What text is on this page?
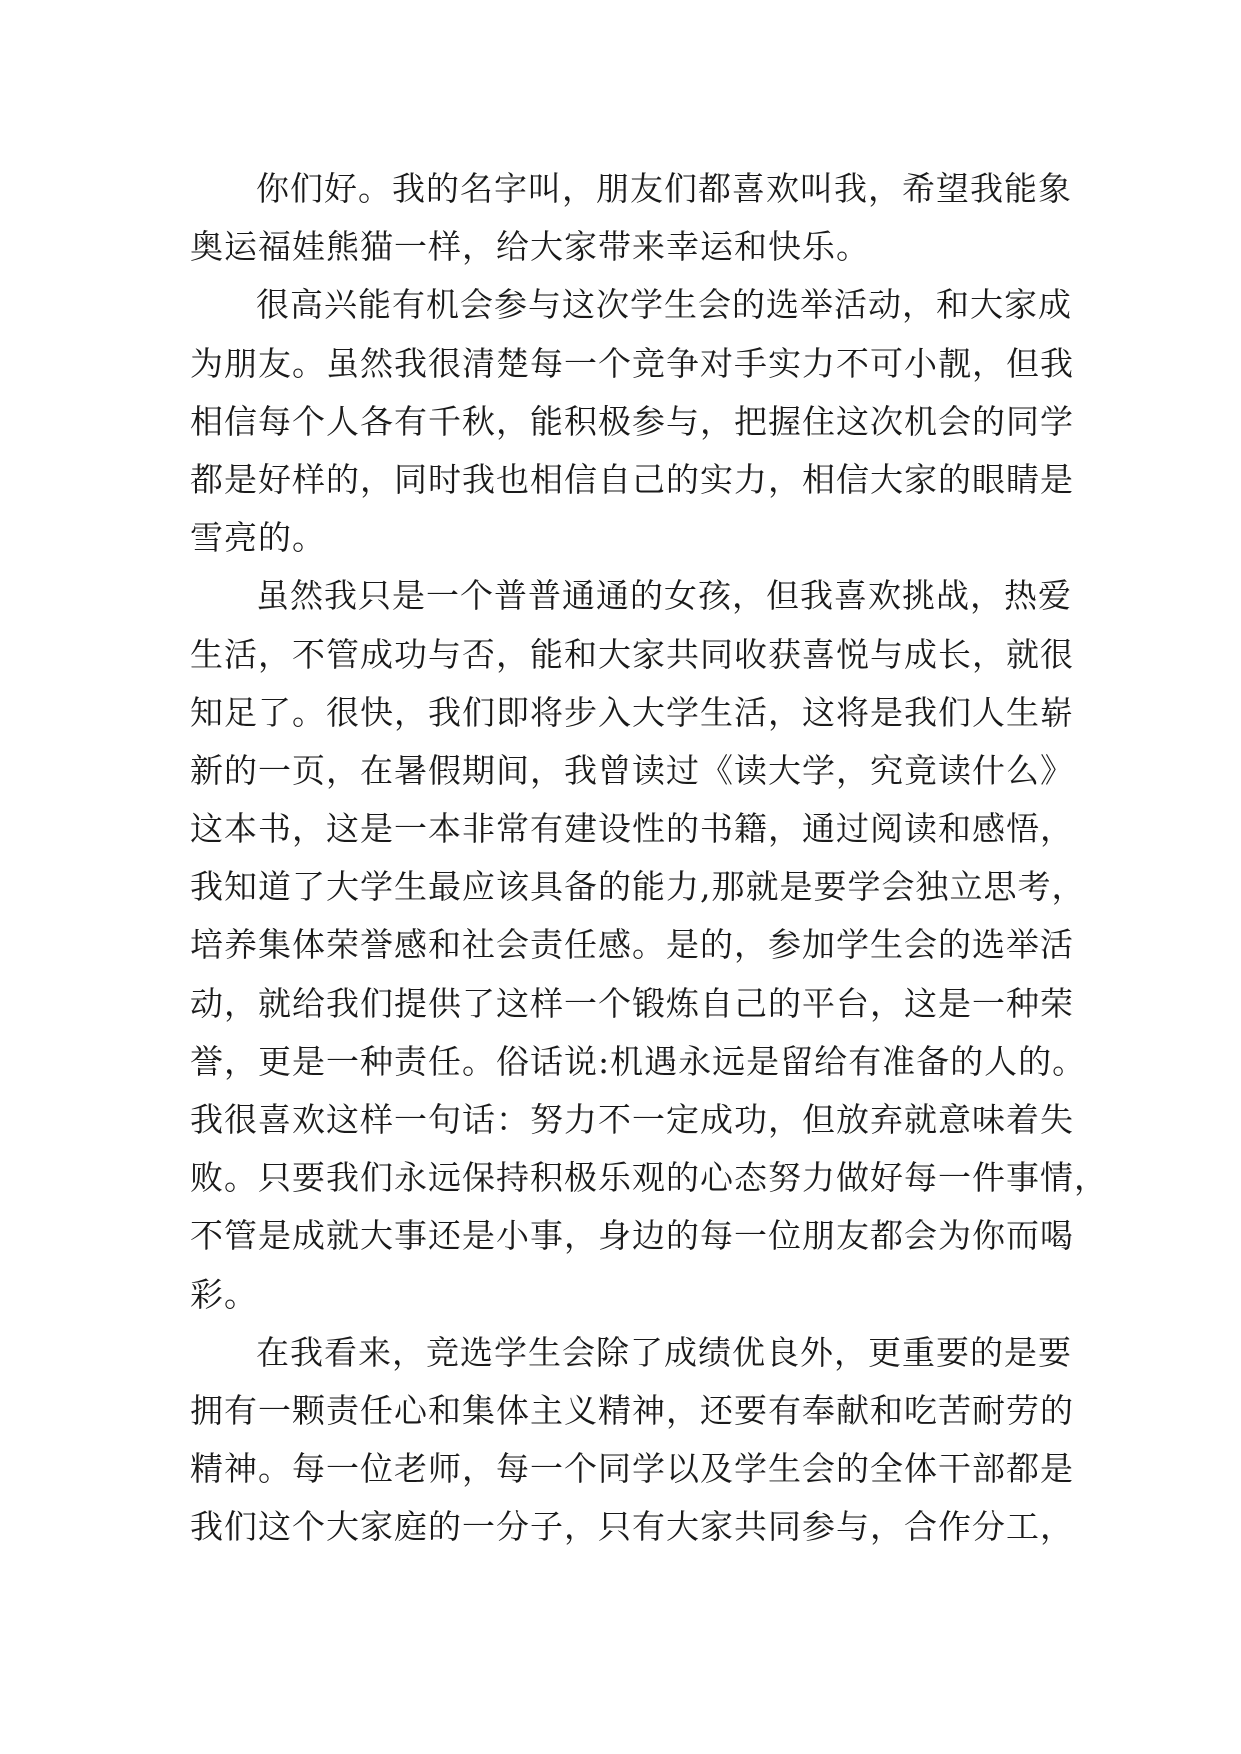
你们好。我的名字叫，朋友们都喜欢叫我，希望我能象
奥运福娃熊猫一样，给大家带来幸运和快乐。
很高兴能有机会参与这次学生会的选举活动，和大家成
为朋友。虽然我很清楚每一个竞争对手实力不可小靓，但我
相信每个人各有千秋，能积极参与，把握住这次机会的同学
都是好样的，同时我也相信自己的实力，相信大家的眼睛是
雪亮的。
虽然我只是一个普普通通的女孩，但我喜欢挑战，热爱
生活，不管成功与否，能和大家共同收获喜悦与成长，就很
知足了。很快，我们即将步入大学生活，这将是我们人生崭
新的一页，在暑假期间，我曾读过《读大学，究竟读什么》
这本书，这是一本非常有建设性的书籍，通过阅读和感悟，
我知道了大学生最应该具备的能力,那就是要学会独立思考，
培养集体荣誉感和社会责任感。是的，参加学生会的选举活
动，就给我们提供了这样一个锻炼自己的平台，这是一种荣
誉，更是一种责任。俗话说:机遇永远是留给有准备的人的。
我很喜欢这样一句话：努力不一定成功，但放弃就意味着失
败。只要我们永远保持积极乐观的心态努力做好每一件事情，
不管是成就大事还是小事，身边的每一位朋友都会为你而喝
彩。
在我看来，竞选学生会除了成绩优良外，更重要的是要
拥有一颗责任心和集体主义精神，还要有奉献和吃苦耐劳的
精神。每一位老师，每一个同学以及学生会的全体干部都是
我们这个大家庭的一分子，只有大家共同参与，合作分工，
